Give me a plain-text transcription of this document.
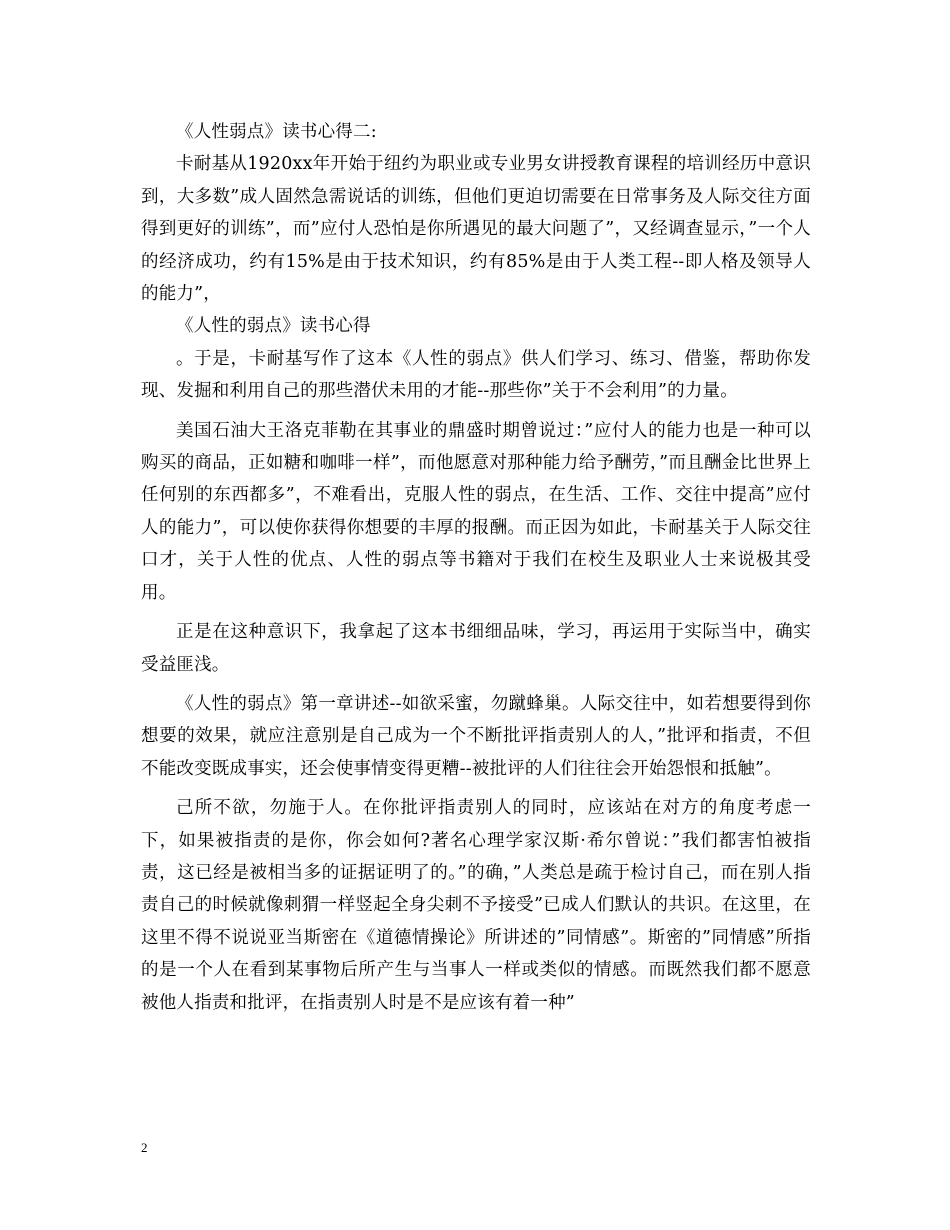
《人性弱点》读书心得二:

卡耐基从1920xx年开始于纽约为职业或专业男女讲授教育课程的培训经历中意识到，大多数”成人固然急需说话的训练，但他们更迫切需要在日常事务及人际交往方面得到更好的训练”，而”应付人恐怕是你所遇见的最大问题了”，又经调查显示，”一个人的经济成功，约有15%是由于技术知识，约有85%是由于人类工程--即人格及领导人的能力”，

《人性的弱点》读书心得

。于是，卡耐基写作了这本《人性的弱点》供人们学习、练习、借鉴，帮助你发现、发掘和利用自己的那些潜伏未用的才能--那些你”关于不会利用”的力量。

美国石油大王洛克菲勒在其事业的鼎盛时期曾说过：”应付人的能力也是一种可以购买的商品，正如糖和咖啡一样”，而他愿意对那种能力给予酬劳，”而且酬金比世界上任何别的东西都多”，不难看出，克服人性的弱点，在生活、工作、交往中提高”应付人的能力”，可以使你获得你想要的丰厚的报酬。而正因为如此，卡耐基关于人际交往口才，关于人性的优点、人性的弱点等书籍对于我们在校生及职业人士来说极其受用。

正是在这种意识下，我拿起了这本书细细品味，学习，再运用于实际当中，确实受益匪浅。

《人性的弱点》第一章讲述--如欲采蜜，勿蹴蜂巢。人际交往中，如若想要得到你想要的效果，就应注意别是自己成为一个不断批评指责别人的人，”批评和指责，不但不能改变既成事实，还会使事情变得更糟--被批评的人们往往会开始怨恨和抵触”。

己所不欲，勿施于人。在你批评指责别人的同时，应该站在对方的角度考虑一下，如果被指责的是你，你会如何?著名心理学家汉斯·希尔曾说：”我们都害怕被指责，这已经是被相当多的证据证明了的。”的确，”人类总是疏于检讨自己，而在别人指责自己的时候就像刺猬一样竖起全身尖刺不予接受”已成人们默认的共识。在这里，在这里不得不说说亚当斯密在《道德情操论》所讲述的”同情感”。斯密的”同情感”所指的是一个人在看到某事物后所产生与当事人一样或类似的情感。而既然我们都不愿意被他人指责和批评，在指责别人时是不是应该有着一种”

2
